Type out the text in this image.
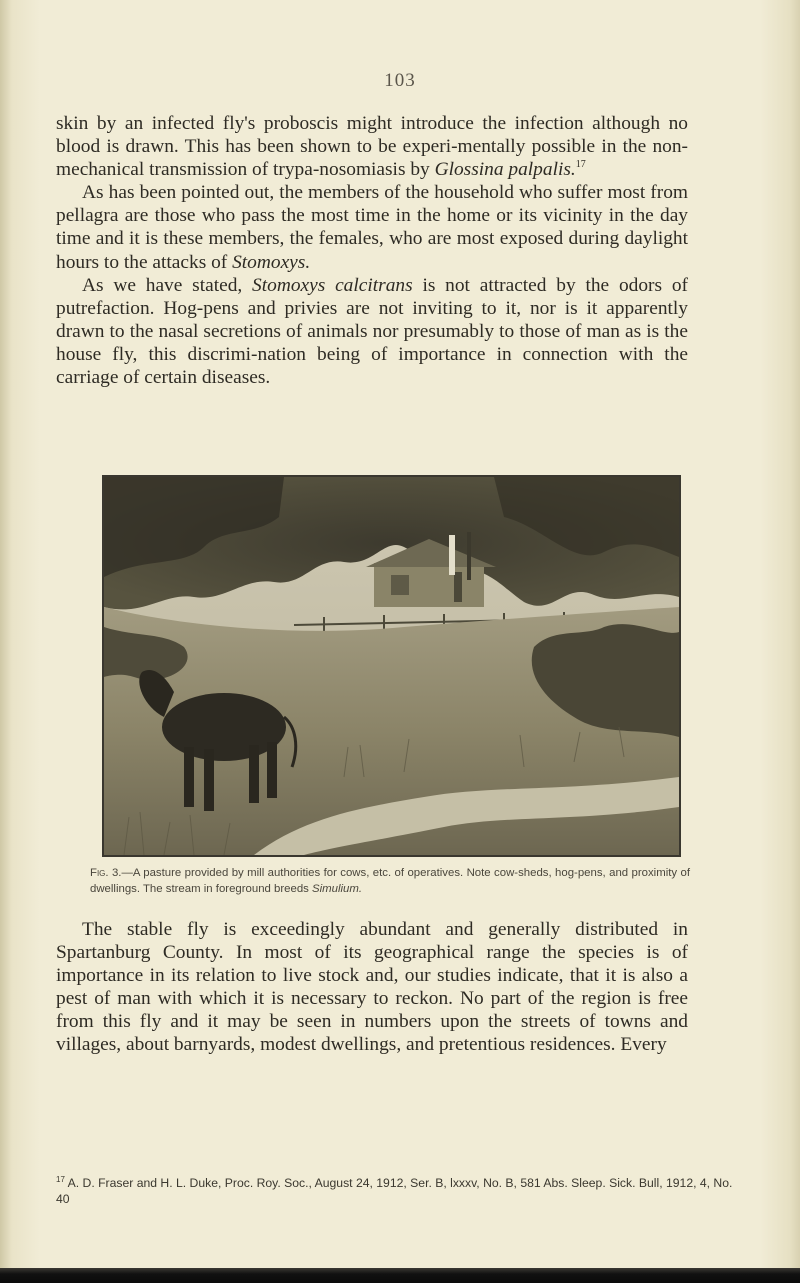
103

skin by an infected fly's proboscis might introduce the infection although no blood is drawn. This has been shown to be experi-mentally possible in the non-mechanical transmission of trypa-nosomiasis by Glossina palpalis.$^{17}$

As has been pointed out, the members of the household who suffer most from pellagra are those who pass the most time in the home or its vicinity in the day time and it is these members, the females, who are most exposed during daylight hours to the attacks of Stomoxys.

As we have stated, Stomoxys calcitrans is not attracted by the odors of putrefaction. Hog-pens and privies are not inviting to it, nor is it apparently drawn to the nasal secretions of animals nor presumably to those of man as is the house fly, this discrimi-nation being of importance in connection with the carriage of certain diseases.

Fig. 3.—A pasture provided by mill authorities for cows, etc. of operatives. Note cow-sheds, hog-pens, and proximity of dwellings. The stream in foreground breeds Simulium.

The stable fly is exceedingly abundant and generally distributed in Spartanburg County. In most of its geographical range the species is of importance in its relation to live stock and, our studies indicate, that it is also a pest of man with which it is necessary to reckon. No part of the region is free from this fly and it may be seen in numbers upon the streets of towns and villages, about barnyards, modest dwellings, and pretentious residences. Every

$^{17}$ A. D. Fraser and H. L. Duke, Proc. Roy. Soc., August 24, 1912, Ser. B, lxxxv, No. B, 581 Abs. Sleep. Sick. Bull, 1912, 4, No. 40
